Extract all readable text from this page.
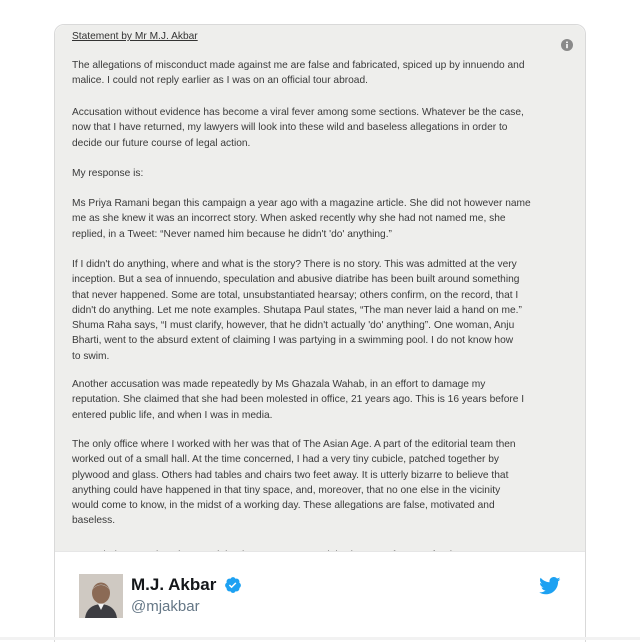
Statement by Mr M.J. Akbar

The allegations of misconduct made against me are false and fabricated, spiced up by innuendo and
malice. I could not reply earlier as I was on an official tour abroad.

Accusation without evidence has become a viral fever among some sections. Whatever be the case,
now that I have returned, my lawyers will look into these wild and baseless allegations in order to
decide our future course of legal action.

My response is:

Ms Priya Ramani began this campaign a year ago with a magazine article. She did not however name
me as she knew it was an incorrect story. When asked recently why she had not named me, she
replied, in a Tweet: “Never named him because he didn't 'do' anything.”

If I didn't do anything, where and what is the story? There is no story. This was admitted at the very
inception. But a sea of innuendo, speculation and abusive diatribe has been built around something
that never happened. Some are total, unsubstantiated hearsay; others confirm, on the record, that I
didn't do anything. Let me note examples. Shutapa Paul states, “The man never laid a hand on me.”
Shuma Raha says, “I must clarify, however, that he didn't actually 'do' anything”. One woman, Anju
Bharti, went to the absurd extent of claiming I was partying in a swimming pool. I do not know how
to swim.

Another accusation was made repeatedly by Ms Ghazala Wahab, in an effort to damage my
reputation. She claimed that she had been molested in office, 21 years ago. This is 16 years before I
entered public life, and when I was in media.

The only office where I worked with her was that of The Asian Age. A part of the editorial team then
worked out of a small hall. At the time concerned, I had a very tiny cubicle, patched together by
plywood and glass. Others had tables and chairs two feet away. It is utterly bizarre to believe that
anything could have happened in that tiny space, and, moreover, that no one else in the vicinity
would come to know, in the midst of a working day. These allegations are false, motivated and
baseless.

M.J. Akbar
@mjakbar
